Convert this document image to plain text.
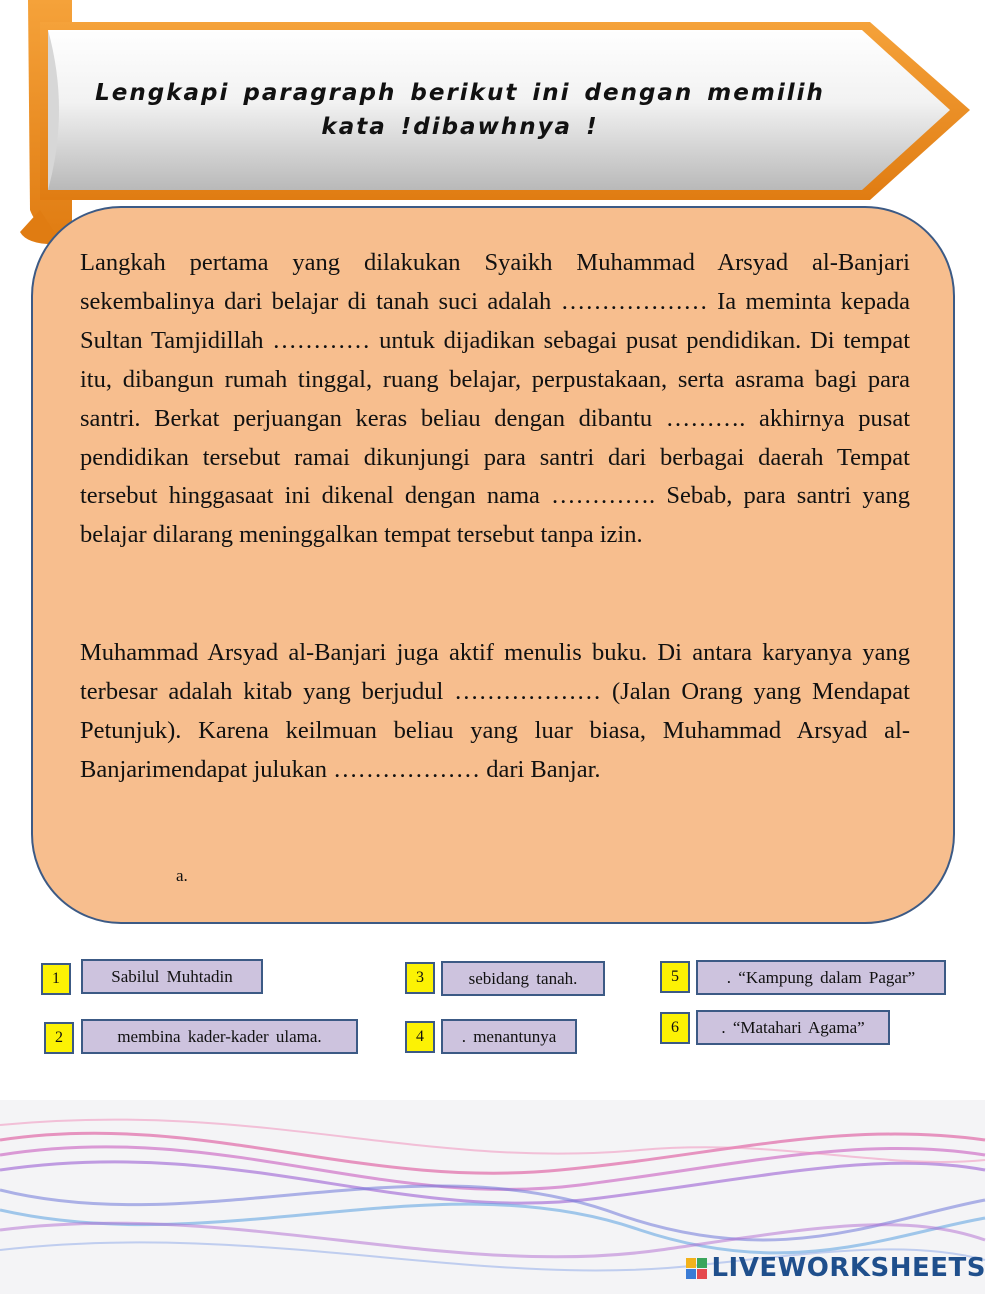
Lengkapi paragraph berikut ini dengan memilih
kata !dibawhnya !

Langkah pertama yang dilakukan Syaikh Muhammad Arsyad al-Banjari sekembalinya dari belajar di tanah suci adalah ……………… Ia meminta kepada Sultan Tamjidillah ………… untuk dijadikan sebagai pusat pendidikan. Di tempat itu, dibangun rumah tinggal, ruang belajar, perpustakaan, serta asrama bagi para santri. Berkat perjuangan keras beliau dengan dibantu ………. akhirnya pusat pendidikan tersebut ramai dikunjungi para santri dari berbagai daerah Tempat tersebut hinggasaat ini dikenal dengan nama …………. Sebab, para santri yang belajar dilarang meninggalkan tempat tersebut tanpa izin.

Muhammad Arsyad al-Banjari juga aktif menulis buku. Di antara karyanya yang terbesar adalah kitab yang berjudul ……………… (Jalan Orang yang Mendapat Petunjuk). Karena keilmuan beliau yang luar biasa, Muhammad Arsyad al-Banjarimendapat julukan ……………… dari Banjar.

a.
1	Sabilul Muhtadin
2	membina kader-kader ulama.
3	sebidang tanah.
4	. menantunya
5	. “Kampung dalam Pagar”
6	. “Matahari Agama”
LIVEWORKSHEETS
